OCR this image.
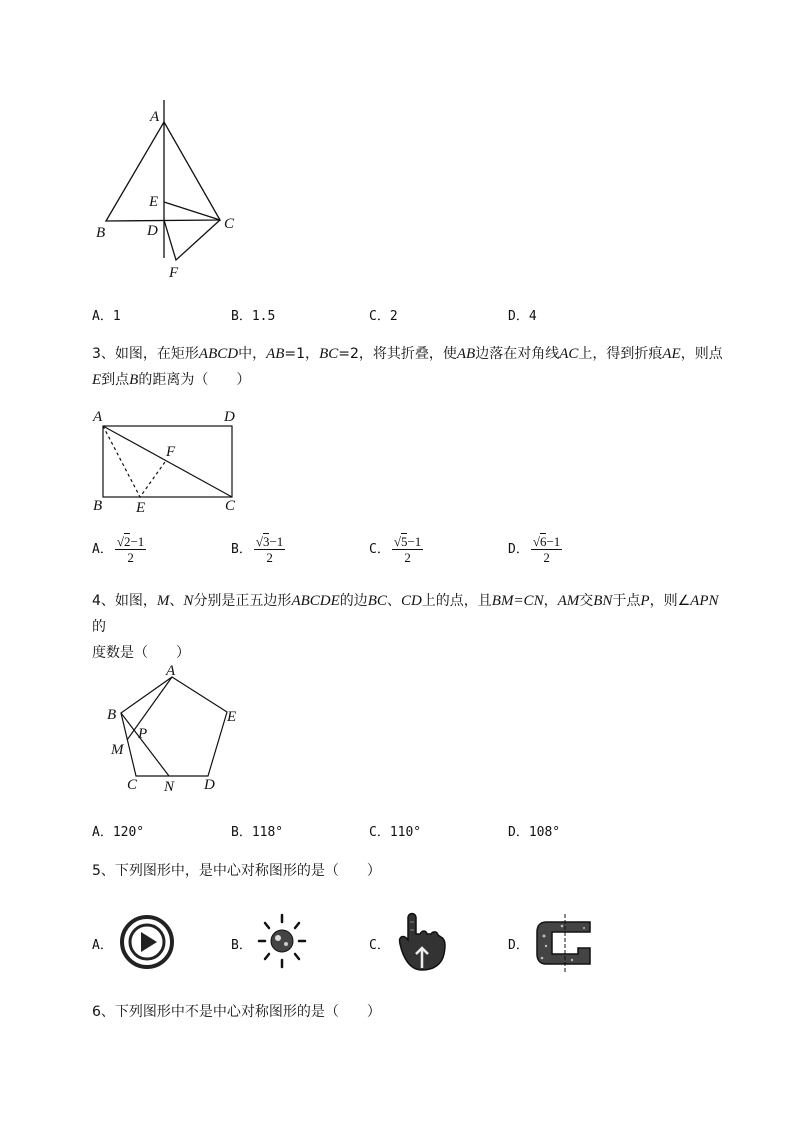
A
B
C
D
E
F
A．1	B．1.5	C．2	D．4
3、如图，在矩形ABCD中，AB=1，BC=2，将其折叠，使AB边落在对角线AC上，得到折痕AE，则点
E到点B的距离为（　　）
A	D
B	C
E
F
A． $\frac{√2-1}{2}$	B． $\frac{√3-1}{2}$	C． $\frac{√5-1}{2}$	D． $\frac{√6-1}{2}$
4、如图，M、N分别是正五边形ABCDE的边BC、CD上的点，且BM=CN，AM交BN于点P，则∠APN的
度数是（　　）
A
B
C	D
E
M
N
P
A．120°	B．118°	C．110°	D．108°
5、下列图形中，是中心对称图形的是（　　）
A．	B．	C．	D．
6、下列图形中不是中心对称图形的是（　　）
